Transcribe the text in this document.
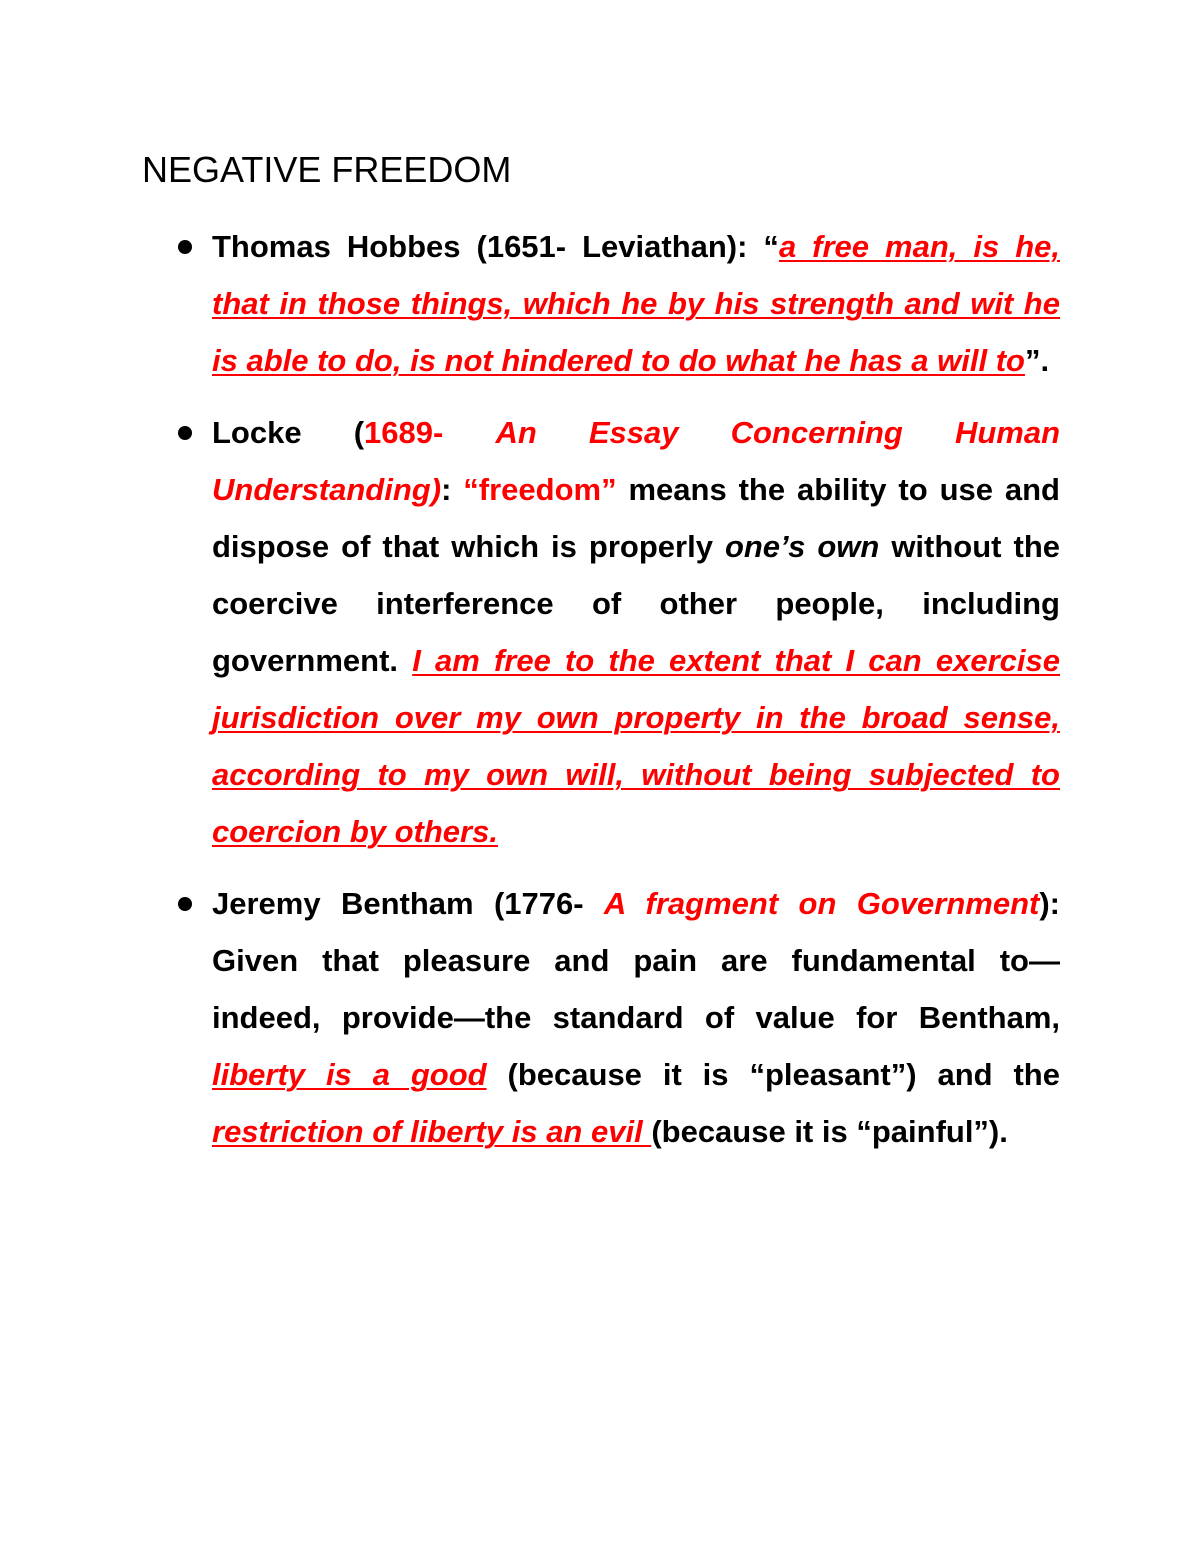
NEGATIVE FREEDOM
Thomas Hobbes (1651- Leviathan): “a free man, is he, that in those things, which he by his strength and wit he is able to do, is not hindered to do what he has a will to”.
Locke (1689- An Essay Concerning Human Understanding): “freedom” means the ability to use and dispose of that which is properly one’s own without the coercive interference of other people, including government. I am free to the extent that I can exercise jurisdiction over my own property in the broad sense, according to my own will, without being subjected to coercion by others.
Jeremy Bentham (1776- A fragment on Government): Given that pleasure and pain are fundamental to—indeed, provide—the standard of value for Bentham, liberty is a good (because it is “pleasant”) and the restriction of liberty is an evil (because it is “painful”).
